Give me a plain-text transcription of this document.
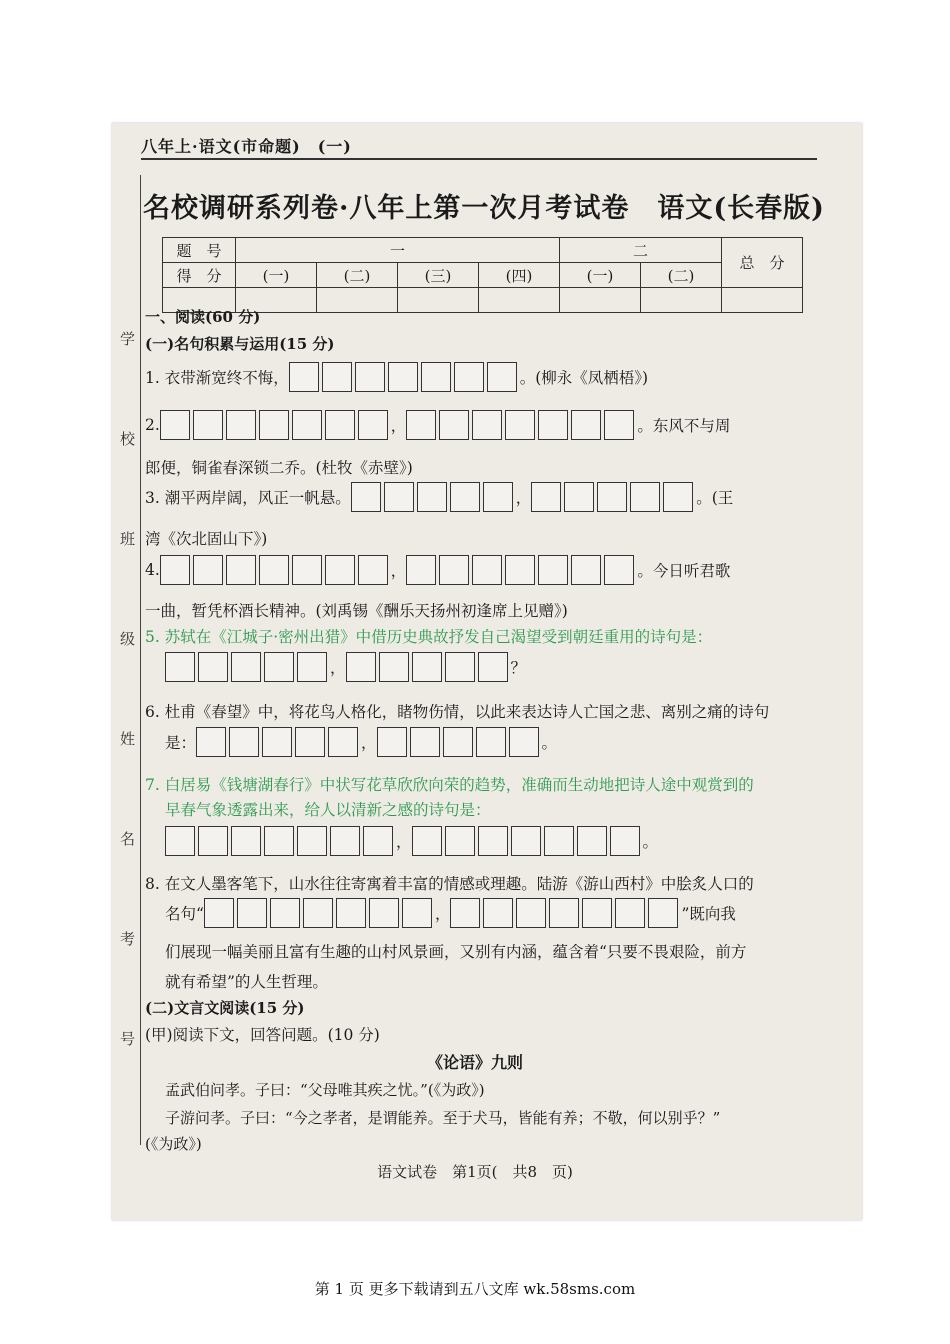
八年上·语文(市命题)　(一)
学
校
班
级
姓
名
考
号
名校调研系列卷·八年上第一次月考试卷　语文(长春版)
题　号	一				二		总　分
得　分	(一)	(二)	(三)	(四)	(一)	(二)	

一、阅读(60 分)
(一)名句积累与运用(15 分)
1. 衣带渐宽终不悔，	。(柳永《凤栖梧》)
2.	，	。东风不与周
郎便，铜雀春深锁二乔。(杜牧《赤壁》)
3. 潮平两岸阔，风正一帆悬。	，	。(王
湾《次北固山下》)
4.	，	。今日听君歌
一曲，暂凭杯酒长精神。(刘禹锡《酬乐天扬州初逢席上见赠》)
5. 苏轼在《江城子·密州出猎》中借历史典故抒发自己渴望受到朝廷重用的诗句是：
，	？
6. 杜甫《春望》中，将花鸟人格化，睹物伤情，以此来表达诗人亡国之悲、离别之痛的诗句
是：	，	。
7. 白居易《钱塘湖春行》中状写花草欣欣向荣的趋势，准确而生动地把诗人途中观赏到的
早春气象透露出来，给人以清新之感的诗句是：
，	。
8. 在文人墨客笔下，山水往往寄寓着丰富的情感或理趣。陆游《游山西村》中脍炙人口的
名句“	，	”既向我
们展现一幅美丽且富有生趣的山村风景画，又别有内涵，蕴含着“只要不畏艰险，前方
就有希望”的人生哲理。
(二)文言文阅读(15 分)
(甲)阅读下文，回答问题。(10 分)
《论语》九则
孟武伯问孝。子曰：“父母唯其疾之忧。”(《为政》)
子游问孝。子曰：“今之孝者，是谓能养。至于犬马，皆能有养；不敬，何以别乎？”
(《为政》)
语文试卷　第1页(　共8　页)
第 1 页 更多下载请到五八文库 wk.58sms.com
